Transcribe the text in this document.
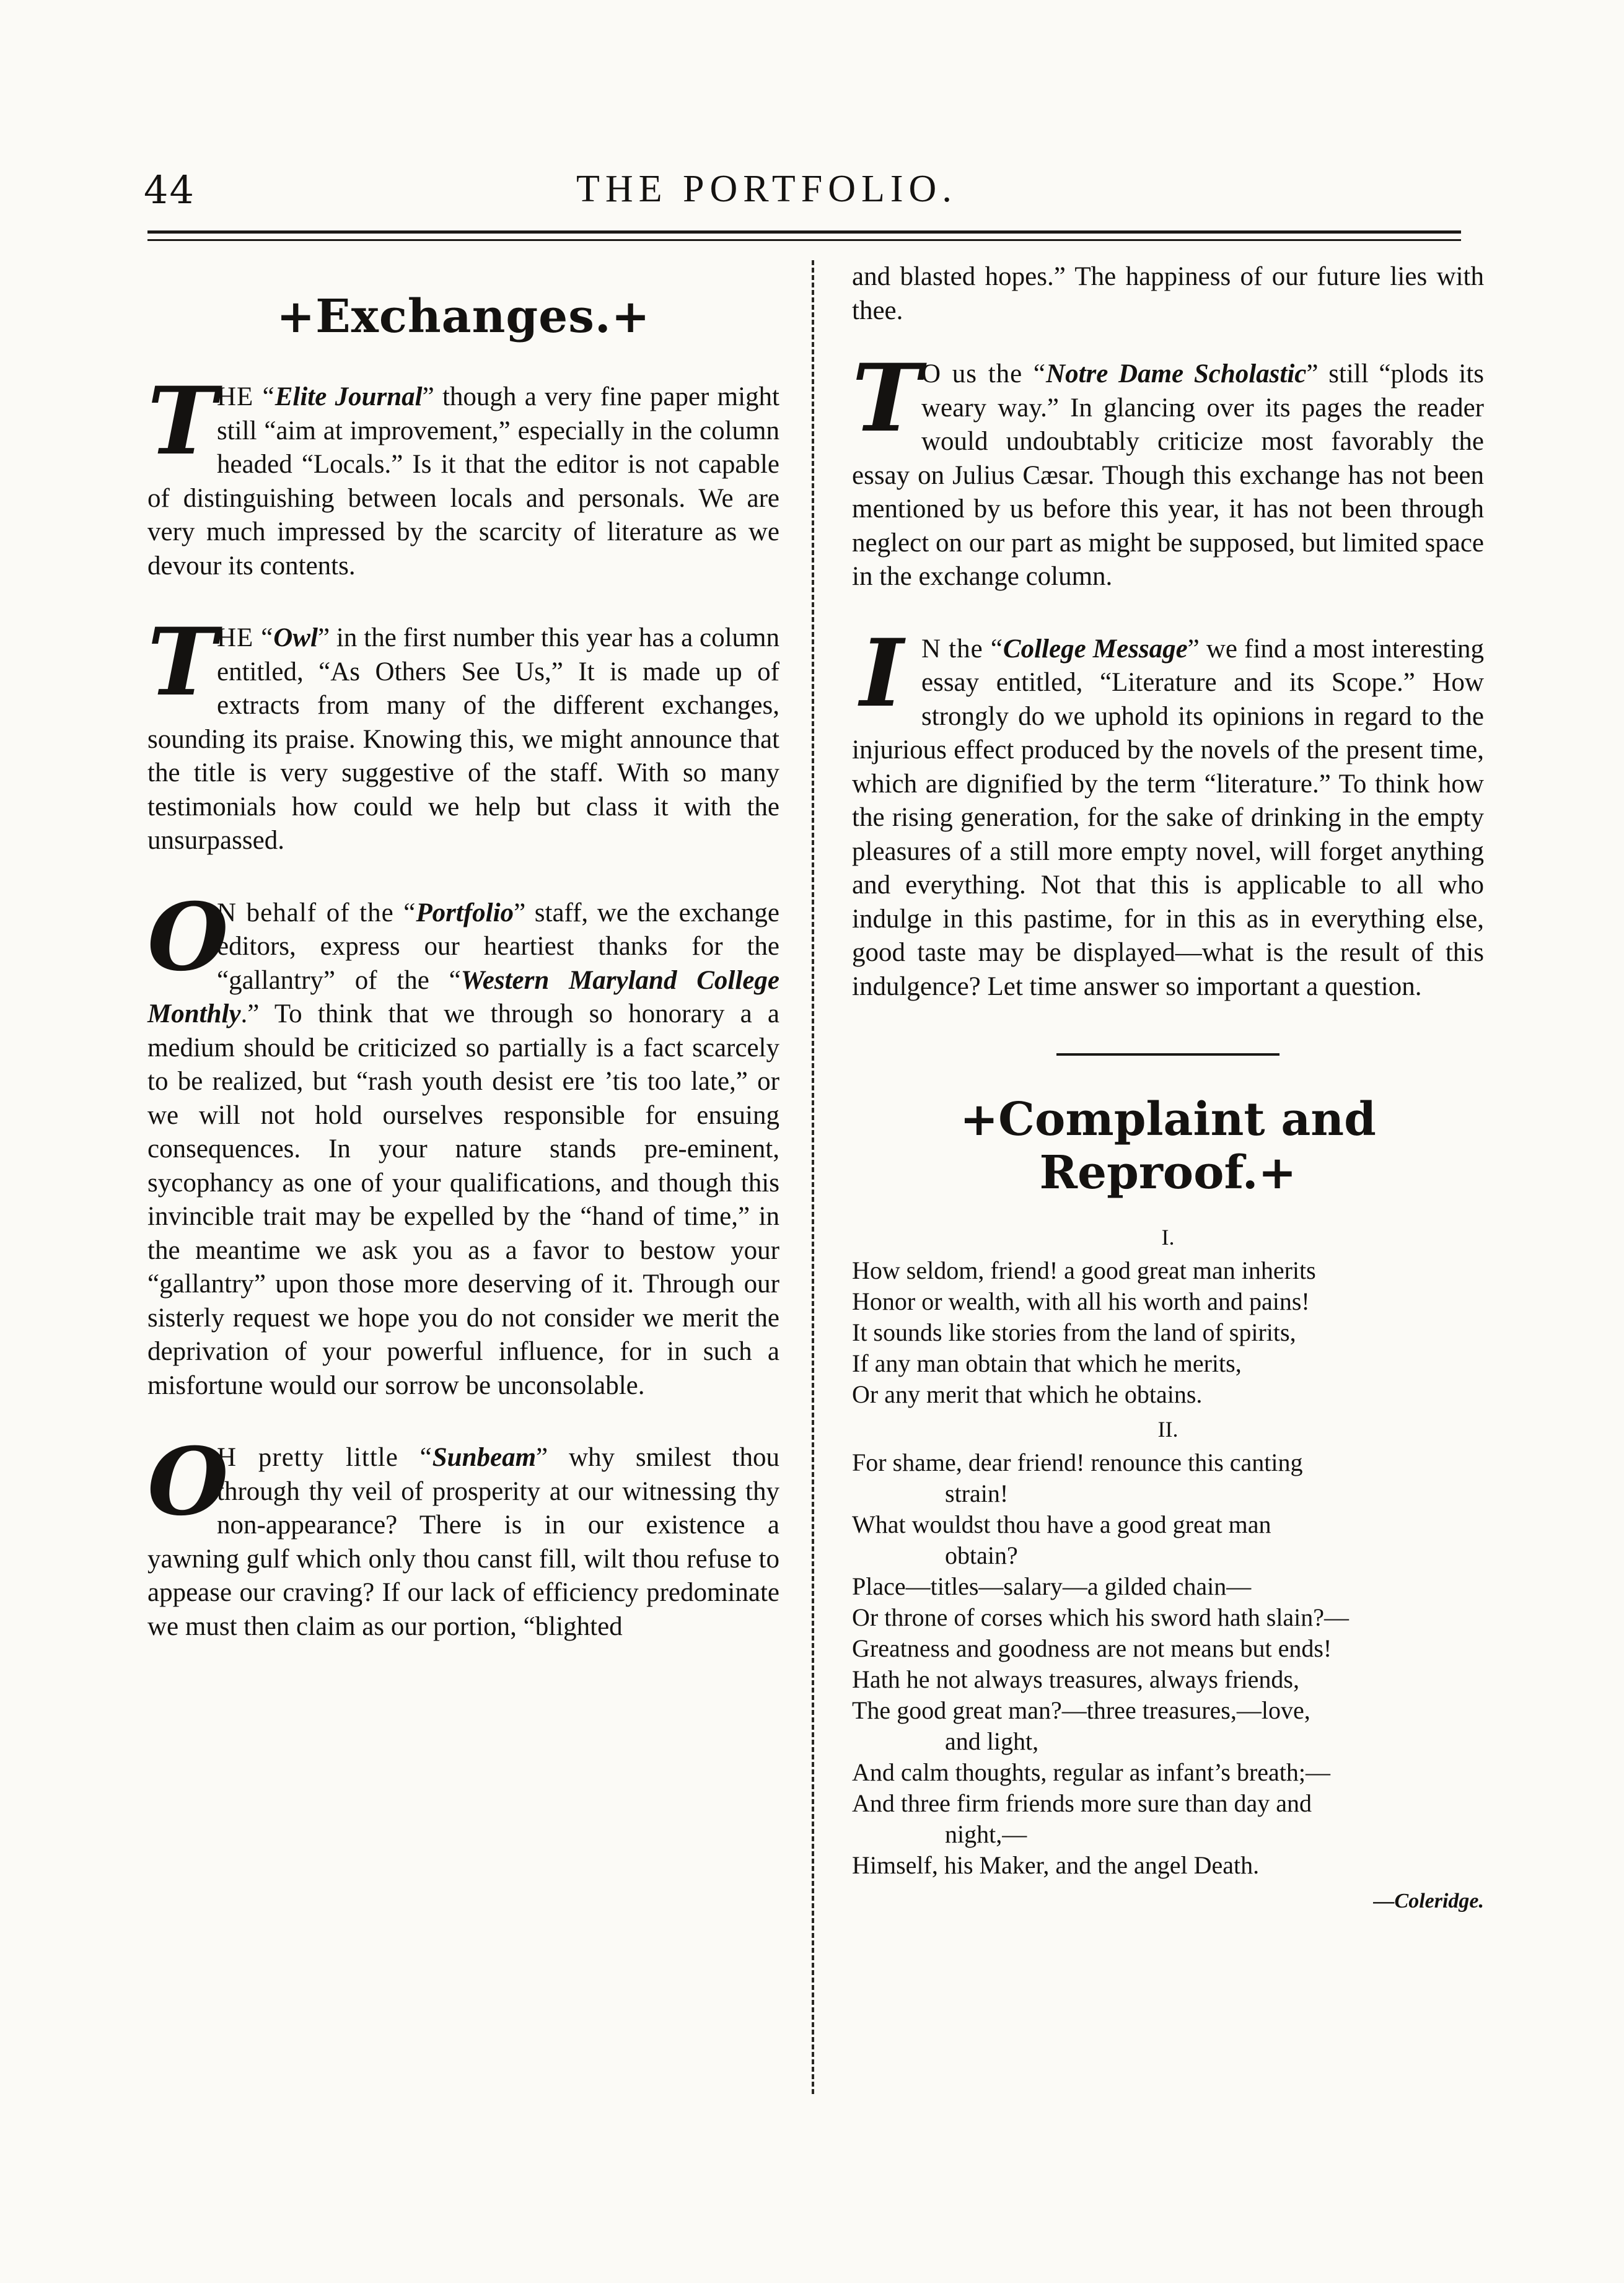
44	THE PORTFOLIO.
+Exchanges.+
T HE “Elite Journal” though a very fine paper might still “aim at improvement,” especially in the column headed “Locals.” Is it that the editor is not capable of distinguishing between locals and personals. We are very much impressed by the scarcity of literature as we devour its contents.
T HE “Owl” in the first number this year has a column entitled, “As Others See Us,” It is made up of extracts from many of the different exchanges, sounding its praise. Knowing this, we might announce that the title is very suggestive of the staff. With so many testimonials how could we help but class it with the unsurpassed.
O
N behalf of the “Portfolio” staff, we the exchange editors, express our heartiest thanks for the “gallantry” of the “Western Maryland College Monthly.” To think that we through so honorary a a medium should be criticized so partially is a fact scarcely to be realized, but “rash youth desist ere ’tis too late,” or we will not hold ourselves responsible for ensuing consequences. In your nature stands pre-eminent, sycophancy as one of your qualifications, and though this invincible trait may be expelled by the “hand of time,” in the meantime we ask you as a favor to bestow your “gallantry” upon those more deserving of it. Through our sisterly request we hope you do not consider we merit the deprivation of your powerful influence, for in such a misfortune would our sorrow be unconsolable.
O
H pretty little “Sunbeam” why smilest thou through thy veil of prosperity at our witnessing thy non-appearance? There is in our existence a yawning gulf which only thou canst fill, wilt thou refuse to appease our craving? If our lack of efficiency predominate we must then claim as our portion, “blighted
and blasted hopes.” The happiness of our future lies with thee.
T O us the “Notre Dame Scholastic” still “plods its weary way.” In glancing over its pages the reader would undoubtably criticize most favorably the essay on Julius Cæsar. Though this exchange has not been mentioned by us before this year, it has not been through neglect on our part as might be supposed, but limited space in the exchange column.
I N the “College Message” we find a most interesting essay entitled, “Literature and its Scope.” How strongly do we uphold its opinions in regard to the injurious effect produced by the novels of the present time, which are dignified by the term “literature.” To think how the rising generation, for the sake of drinking in the empty pleasures of a still more empty novel, will forget anything and everything. Not that this is applicable to all who indulge in this pastime, for in this as in everything else, good taste may be displayed—what is the result of this indulgence? Let time answer so important a question.
+Complaint and Reproof.+
I.
How seldom, friend! a good great man inherits
Honor or wealth, with all his worth and pains!
It sounds like stories from the land of spirits,
If any man obtain that which he merits,
Or any merit that which he obtains.
II.
For shame, dear friend! renounce this canting
strain!
What wouldst thou have a good great man
obtain?
Place—titles—salary—a gilded chain—
Or throne of corses which his sword hath slain?—
Greatness and goodness are not means but ends!
Hath he not always treasures, always friends,
The good great man?—three treasures,—love,
and light,
And calm thoughts, regular as infant’s breath;—
And three firm friends more sure than day and
night,—
Himself, his Maker, and the angel Death.
—Coleridge.
